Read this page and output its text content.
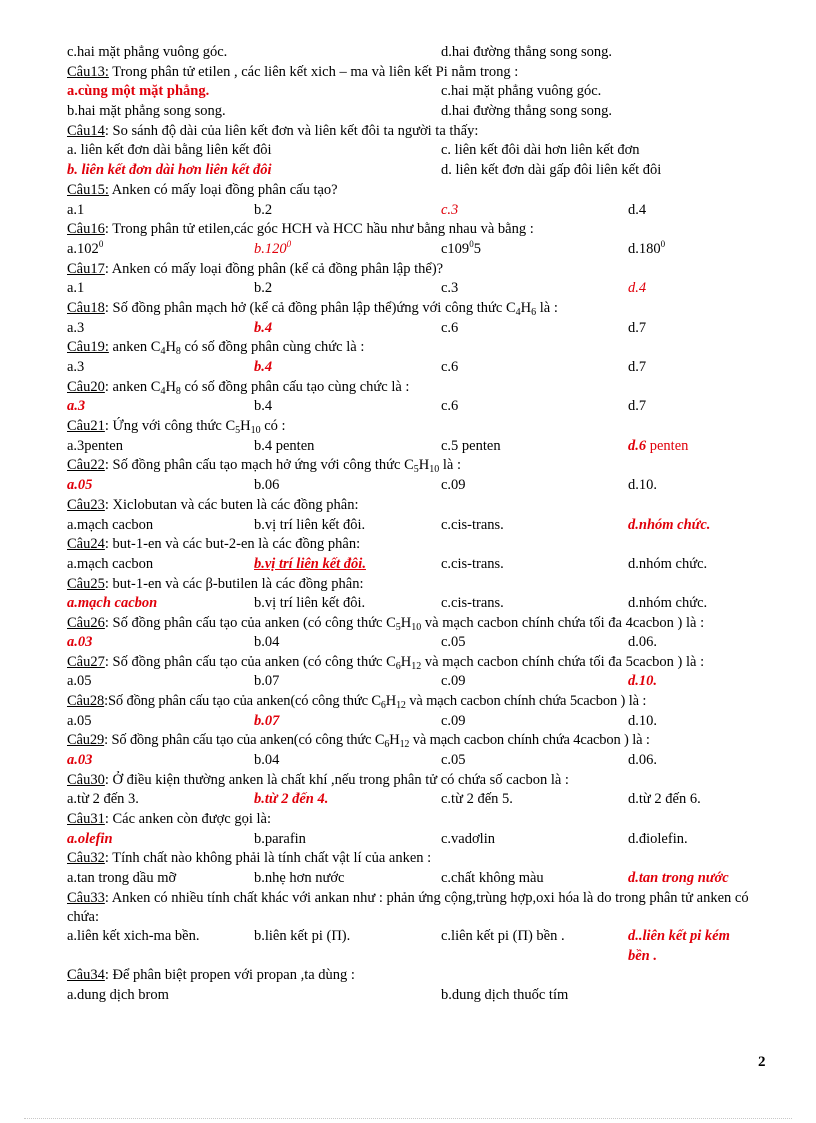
c.hai mặt phẳng vuông góc.	d.hai đường thẳng song song.
Câu13: Trong phân tử etilen , các liên kết xich – ma và liên kết Pi nằm trong :
a.cùng một mặt phẳng.	c.hai mặt phẳng vuông góc.
b.hai mặt phẳng song song.	d.hai đường thẳng song song.
Câu14: So sánh độ dài của liên kết đơn và liên kết đôi ta người ta thấy:
a. liên kết đơn dài bằng liên kết đôi	c. liên kết đôi dài hơn liên kết đơn
b. liên kết đơn dài hơn liên kết đôi	d. liên kết đơn dài gấp đôi liên kết đôi
Câu15: Anken có mấy loại đồng phân cấu tạo?
a.1	b.2	c.3	d.4
Câu16: Trong phân tử etilen,các góc HCH và HCC hầu như bằng nhau và bằng :
a.102$^0$	b.120$^0$	$c109^05$	d.180$^0$
Câu17: Anken có mấy loại đồng phân (kể cả đồng phân lập thể)?
a.1	b.2	c.3	d.4
Câu18: Số đồng phân mạch hở (kể cả đồng phân lập thể)ứng với công thức $C_4H_6$ là :
a.3	b.4	c.6	d.7
Câu19: anken $C_4H_8$ có số đồng phân cùng chức là :
a.3	b.4	c.6	d.7
Câu20: anken $C_4H_8$ có số đồng phân cấu tạo cùng chức là :
a.3	b.4	c.6	d.7
Câu21: Ứng với công thức $C_5H_{10}$ có :
a.3penten	b.4 penten	c.5 penten	d.6 penten
Câu22: Số đồng phân cấu tạo mạch hở ứng với công thức $C_5H_{10}$ là :
a.05	b.06	c.09	d.10.
Câu23: Xiclobutan và các buten là các đồng phân:
a.mạch cacbon	b.vị trí liên kết đôi.	c.cis-trans.	d.nhóm chức.
Câu24: but-1-en và các but-2-en là các đồng phân:
a.mạch cacbon	b.vị trí liên kết đôi.	c.cis-trans.	d.nhóm chức.
Câu25: but-1-en và các β-butilen là các đồng phân:
a.mạch cacbon	b.vị trí liên kết đôi.	c.cis-trans.	d.nhóm chức.
Câu26: Số đồng phân cấu tạo của anken (có công thức $C_5H_{10}$ và mạch cacbon chính chứa tối đa 4cacbon ) là :
a.03	b.04	c.05	d.06.
Câu27: Số đồng phân cấu tạo của anken (có công thức $C_6H_{12}$ và mạch cacbon chính chứa tối đa 5cacbon ) là :
a.05	b.07	c.09	d.10.
Câu28:Số đồng phân cấu tạo của anken(có công thức $C_6H_{12}$ và mạch cacbon chính chứa 5cacbon ) là :
a.05	b.07	c.09	d.10.
Câu29: Số đồng phân cấu tạo của anken(có công thức $C_6H_{12}$ và mạch cacbon chính chứa 4cacbon ) là :
a.03	b.04	c.05	d.06.
Câu30: Ở điều kiện thường anken là chất khí ,nếu trong phân tử có chứa số cacbon là :
a.từ 2 đến 3.	b.từ 2 đến 4.	c.từ 2 đến 5.	d.từ 2 đến 6.
Câu31: Các anken còn được gọi là:
a.olefin	b.parafin	c.vadơlin	d.điolefin.
Câu32: Tính chất nào không phải là tính chất vật lí của anken :
a.tan trong dầu mỡ	b.nhẹ hơn nước	c.chất không màu	d.tan trong nước
Câu33: Anken có nhiều tính chất khác với ankan như : phản ứng cộng,trùng hợp,oxi hóa là do trong phân tử anken có chứa:
a.liên kết xich-ma bền.	b.liên kết pi (Π).	c.liên kết pi (Π) bền .	d..liên kết pi kém bền .
Câu34: Để phân biệt propen với propan ,ta dùng :
a.dung dịch brom	b.dung dịch thuốc tím
2
